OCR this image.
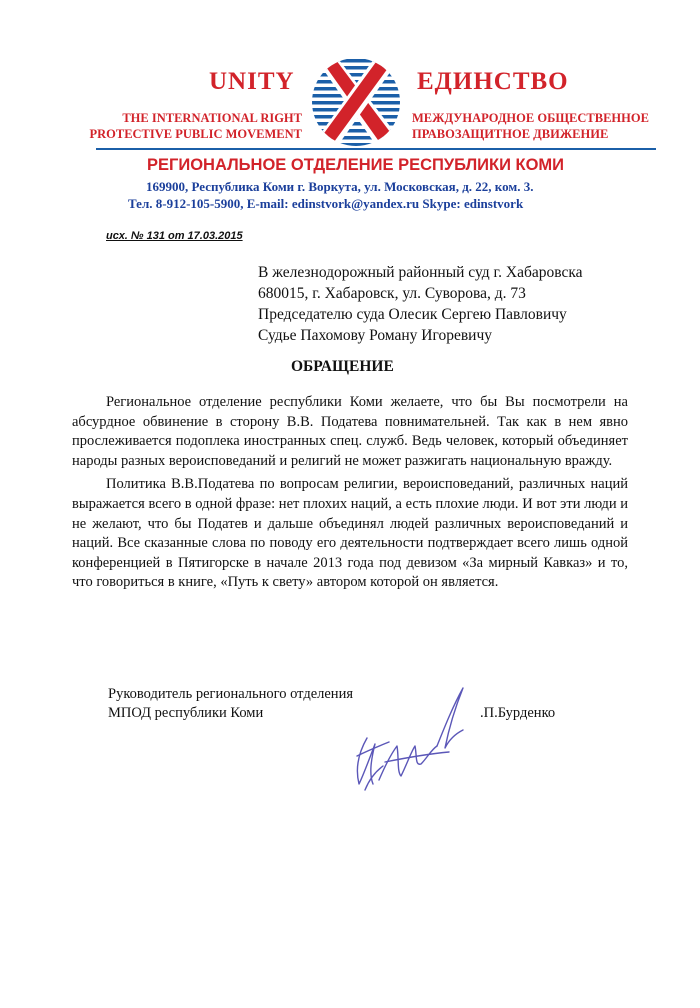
UNITY	ЕДИНСТВО
THE INTERNATIONAL RIGHT
PROTECTIVE PUBLIC MOVEMENT
МЕЖДУНАРОДНОЕ ОБЩЕСТВЕННОЕ
ПРАВОЗАЩИТНОЕ ДВИЖЕНИЕ
РЕГИОНАЛЬНОЕ ОТДЕЛЕНИЕ РЕСПУБЛИКИ КОМИ
169900, Республика Коми г. Воркута, ул. Московская, д. 22, ком. 3.
Тел. 8-912-105-5900, E-mail: edinstvork@yandex.ru Skype: edinstvork
исх. № 131 от 17.03.2015
В железнодорожный районный суд г. Хабаровска
680015, г. Хабаровск, ул. Суворова, д. 73
Председателю суда Олесик Сергею Павловичу
Судье Пахомову Роману Игоревичу
ОБРАЩЕНИЕ

Региональное отделение республики Коми желаете, что бы Вы посмотрели на абсурдное обвинение в сторону В.В. Податева повнимательней. Так как в нем явно прослеживается подоплека иностранных спец. служб. Ведь человек, который объединяет народы разных вероисповеданий и религий не может разжигать национальную вражду.

Политика В.В.Податева по вопросам религии, вероисповеданий, различных наций выражается всего в одной фразе: нет плохих наций, а есть плохие люди. И вот эти люди и не желают, что бы Податев и дальше объединял людей различных вероисповеданий и наций. Все сказанные слова по поводу его деятельности подтверждает всего лишь одной конференцией в Пятигорске в начале 2013 года под девизом «За мирный Кавказ» и то, что говориться в книге, «Путь к свету» автором которой он является.

Руководитель регионального отделения
МПОД республики Коми	.П.Бурденко
